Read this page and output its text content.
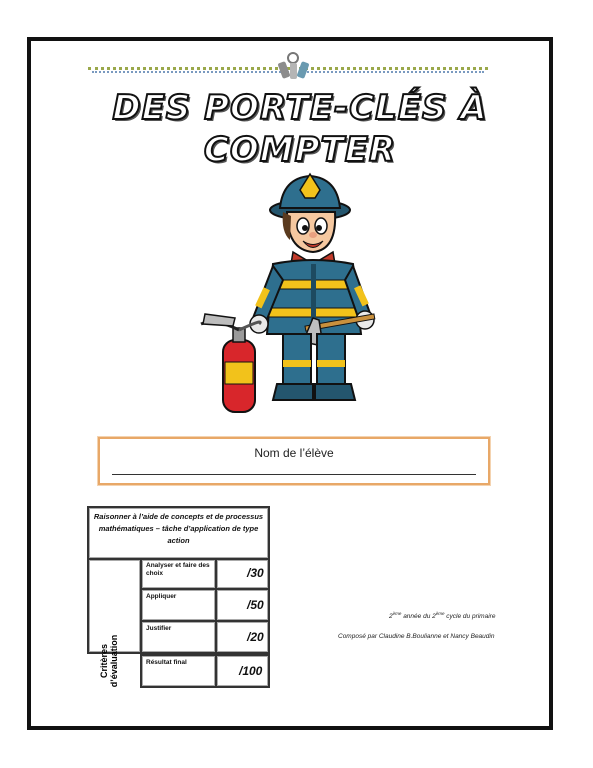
DES PORTE-CLÉS À
COMPTER
Nom de l’élève
Raisonner à l’aide de concepts et de processus mathématiques – tâche d’application de type action
Critères d’évaluation
Analyser et faire des choix	/30
Appliquer
/50
Justifier
/20
Résultat final
/100
2ème année du 2ème cycle du primaire
Composé par Claudine B.Boulianne et Nancy Beaudin
